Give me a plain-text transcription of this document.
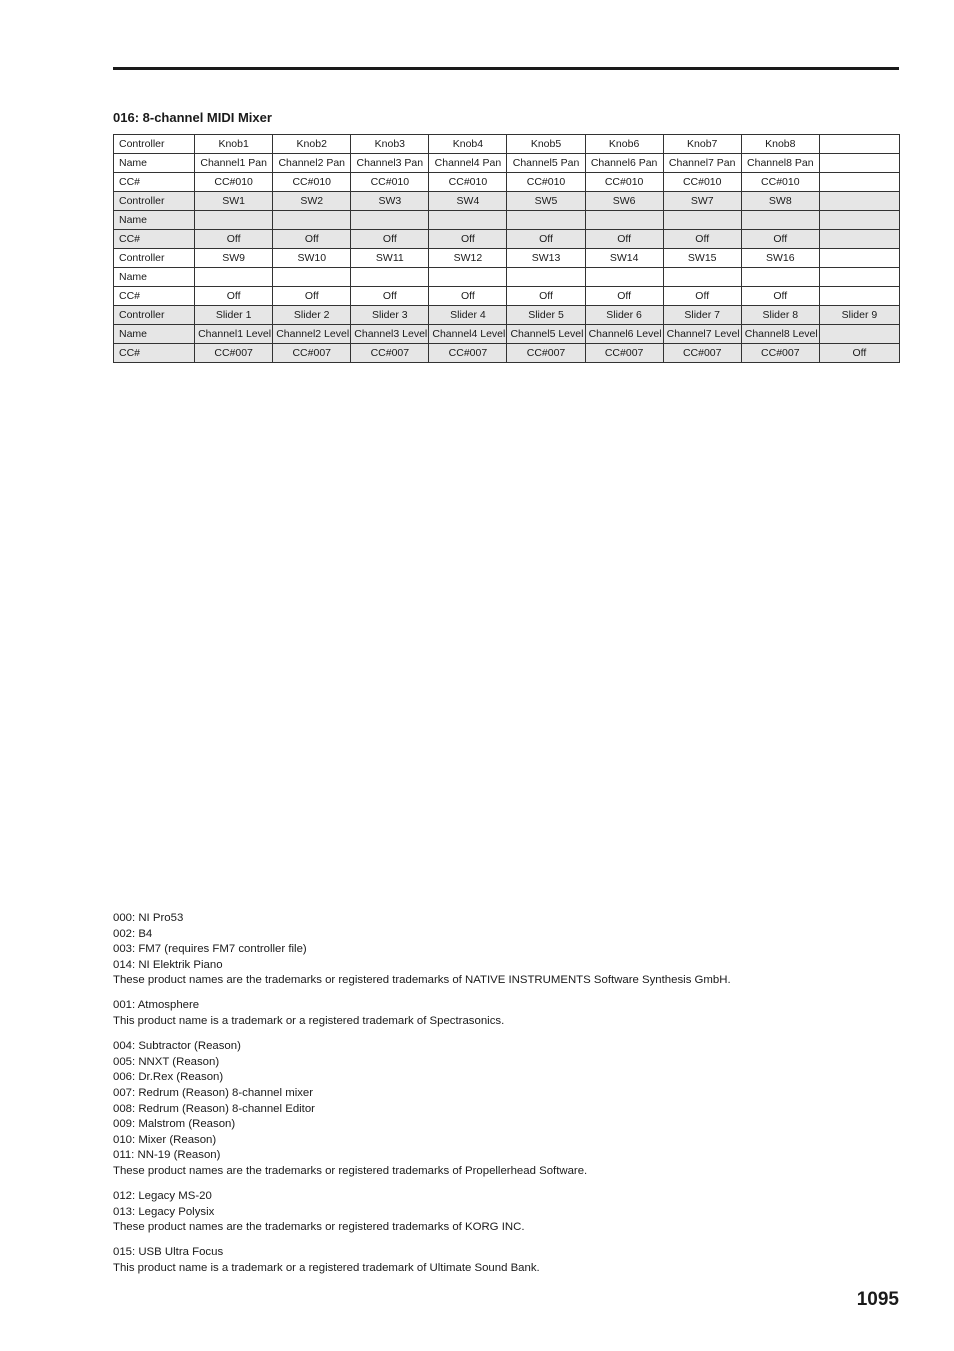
016: 8-channel MIDI Mixer
Controller	Knob1	Knob2	Knob3	Knob4	Knob5	Knob6	Knob7	Knob8	
Name	Channel1 Pan	Channel2 Pan	Channel3 Pan	Channel4 Pan	Channel5 Pan	Channel6 Pan	Channel7 Pan	Channel8 Pan	
CC#	CC#010	CC#010	CC#010	CC#010	CC#010	CC#010	CC#010	CC#010	
Controller	SW1	SW2	SW3	SW4	SW5	SW6	SW7	SW8	
Name									
CC#	Off	Off	Off	Off	Off	Off	Off	Off	
Controller	SW9	SW10	SW11	SW12	SW13	SW14	SW15	SW16	
Name									
CC#	Off	Off	Off	Off	Off	Off	Off	Off	
Controller	Slider 1	Slider 2	Slider 3	Slider 4	Slider 5	Slider 6	Slider 7	Slider 8	Slider 9
Name	Channel1 Level	Channel2 Level	Channel3 Level	Channel4 Level	Channel5 Level	Channel6 Level	Channel7 Level	Channel8 Level	
CC#	CC#007	CC#007	CC#007	CC#007	CC#007	CC#007	CC#007	CC#007	Off
000: NI Pro53
002: B4
003: FM7 (requires FM7 controller file)
014: NI Elektrik Piano
These product names are the trademarks or registered trademarks of NATIVE INSTRUMENTS Software Synthesis GmbH.
001: Atmosphere
This product name is a trademark or a registered trademark of Spectrasonics.
004: Subtractor (Reason)
005: NNXT (Reason)
006: Dr.Rex (Reason)
007: Redrum (Reason) 8-channel mixer
008: Redrum (Reason) 8-channel Editor
009: Malstrom (Reason)
010: Mixer (Reason)
011: NN-19 (Reason)
These product names are the trademarks or registered trademarks of Propellerhead Software.
012: Legacy MS-20
013: Legacy Polysix
These product names are the trademarks or registered trademarks of KORG INC.
015: USB Ultra Focus
This product name is a trademark or a registered trademark of Ultimate Sound Bank.
1095
